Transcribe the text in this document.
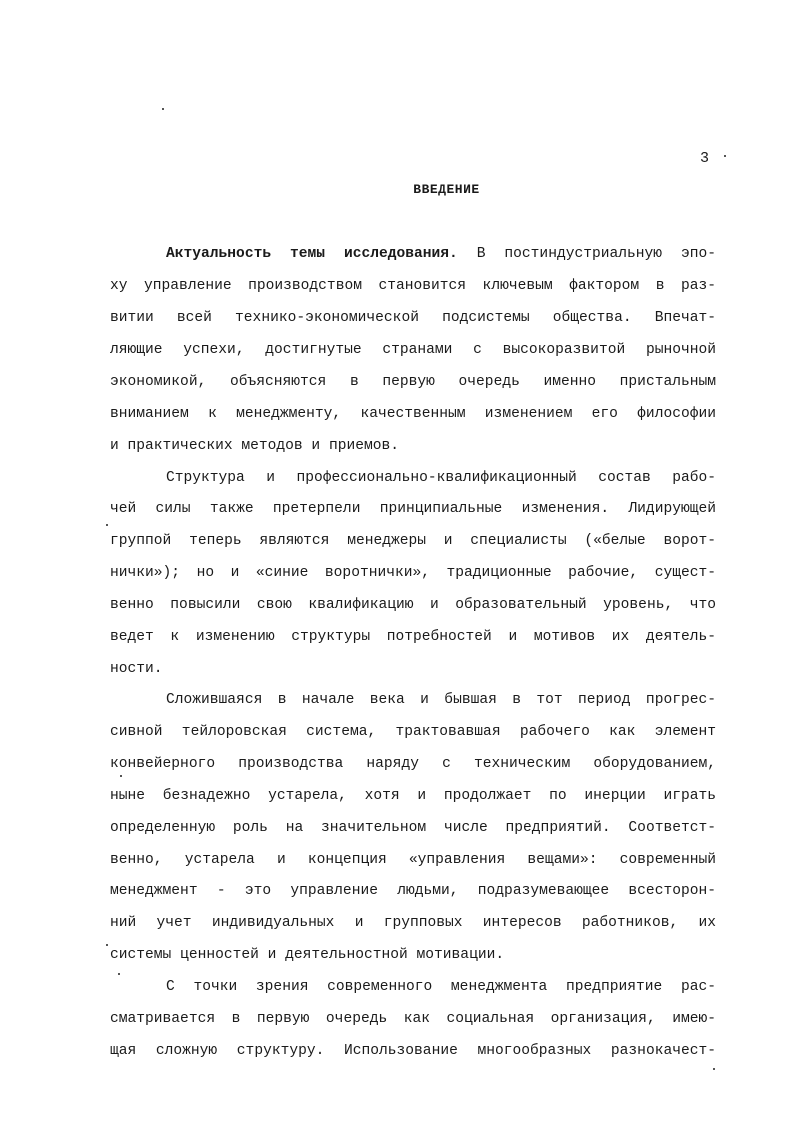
3
ВВЕДЕНИЕ
Актуальность темы исследования. В постиндустриальную эпо-
ху управление производством становится ключевым фактором в раз-
витии всей технико-экономической подсистемы общества. Впечат-
ляющие успехи, достигнутые странами с высокоразвитой рыночной
экономикой, объясняются в первую очередь именно пристальным
вниманием к менеджменту, качественным изменением его философии
и практических методов и приемов.
Структура и профессионально-квалификационный состав рабо-
чей силы также претерпели принципиальные изменения. Лидирующей
группой теперь являются менеджеры и специалисты («белые ворот-
нички»); но и «синие воротнички», традиционные рабочие, сущест-
венно повысили свою квалификацию и образовательный уровень, что
ведет к изменению структуры потребностей и мотивов их деятель-
ности.
Сложившаяся в начале века и бывшая в тот период прогрес-
сивной тейлоровская система, трактовавшая рабочего как элемент
конвейерного производства наряду с техническим оборудованием,
ныне безнадежно устарела, хотя и продолжает по инерции играть
определенную роль на значительном числе предприятий. Соответст-
венно, устарела и концепция «управления вещами»: современный
менеджмент - это управление людьми, подразумевающее всесторон-
ний учет индивидуальных и групповых интересов работников, их
системы ценностей и деятельностной мотивации.
С точки зрения современного менеджмента предприятие рас-
сматривается в первую очередь как социальная организация, имею-
щая сложную структуру. Использование многообразных разнокачест-
